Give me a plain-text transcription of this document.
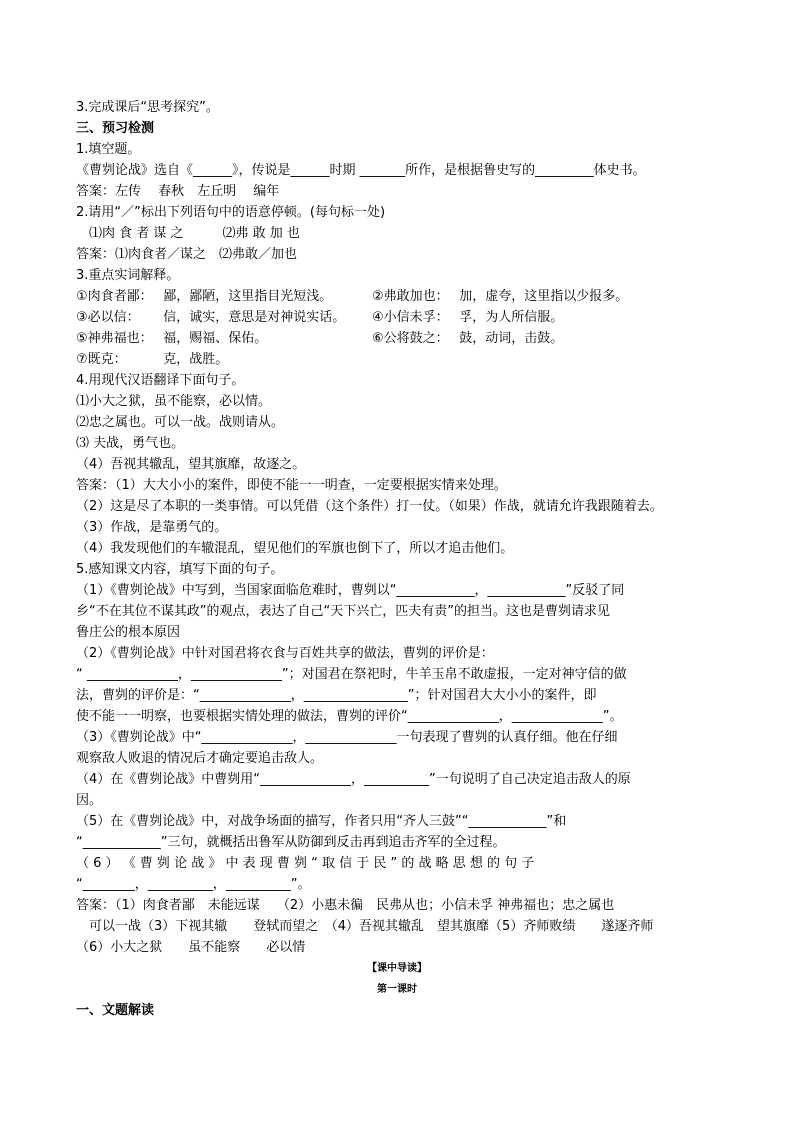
3.完成课后“思考探究”。
三、预习检测
1.填空题。
《曹刿论战》选自《______》，传说是______时期 _______所作，是根据鲁史写的_________体史书。
答案：左传　 春秋　左丘明　 编年
2.请用“／”标出下列语句中的语意停顿。(每句标一处)
　⑴肉 食 者 谋 之　　　⑵弗 敢 加 也
答案：⑴肉食者／谋之　⑵弗敢／加也
3.重点实词解释。
①肉食者鄙：　 鄙，鄙陋，这里指目光短浅。	②弗敢加也：　 加，虚夸，这里指以少报多。
③必以信：　　 信，诚实，意思是对神说实话。 ④小信未孚：　 孚，为人所信服。
⑤神弗福也：　 福，赐福、保佑。	⑥公将鼓之：　 鼓，动词，击鼓。
⑦既克：　　　 克，战胜。
4.用现代汉语翻译下面句子。
⑴小大之狱，虽不能察，必以情。
⑵忠之属也。可以一战。战则请从。
⑶ 夫战，勇气也。
（4）吾视其辙乱，望其旗靡，故逐之。
答案：（1）大大小小的案件，即使不能一一明查，一定要根据实情来处理。
（2）这是尽了本职的一类事情。可以凭借（这个条件）打一仗。（如果）作战，就请允许我跟随着去。
（3）作战，是靠勇气的。
（4）我发现他们的车辙混乱，望见他们的军旗也倒下了，所以才追击他们。
5.感知课文内容，填写下面的句子。
（1）《曹刿论战》中写到，当国家面临危难时，曹刿以“____________，____________”反驳了同
乡“不在其位不谋其政”的观点，表达了自己“天下兴亡，匹夫有责”的担当。这也是曹刿请求见
鲁庄公的根本原因
（2）《曹刿论战》中针对国君将衣食与百姓共享的做法，曹刿的评价是：
“ ______________，______________”；对国君在祭祀时，牛羊玉帛不敢虚报，一定对神守信的做
法，曹刿的评价是：“______________，________________”；针对国君大大小小的案件，即
使不能一一明察，也要根据实情处理的做法，曹刿的评价“______________，______________”。
（3）《曹刿论战》中“______________，______________一句表现了曹刿的认真仔细。他在仔细
观察敌人败退的情况后才确定要追击敌人。
（4）在《曹刿论战》中曹刿用“______________，__________”一句说明了自己决定追击敌人的原
因。
（5）在《曹刿论战》中，对战争场面的描写，作者只用“齐人三鼓”“____________”和
“____________”三句，就概括出鲁军从防御到反击再到追击齐军的全过程。
（ 6 ） 《 曹 刿 论 战 》 中 表 现 曹 刿 “ 取 信 于 民 ” 的 战 略 思 想 的 句 子
“________，__________，__________”。
答案：（1）肉食者鄙　未能远谋　 （2）小惠未徧　民弗从也；小信未孚 神弗福也；忠之属也
　可以一战（3）下视其辙　　登轼而望之　（4）吾视其辙乱　望其旗靡（5）齐师败绩　　遂逐齐师
（6）小大之狱　　虽不能察　　必以情
【课中导读】
第一课时
一、文题解读
